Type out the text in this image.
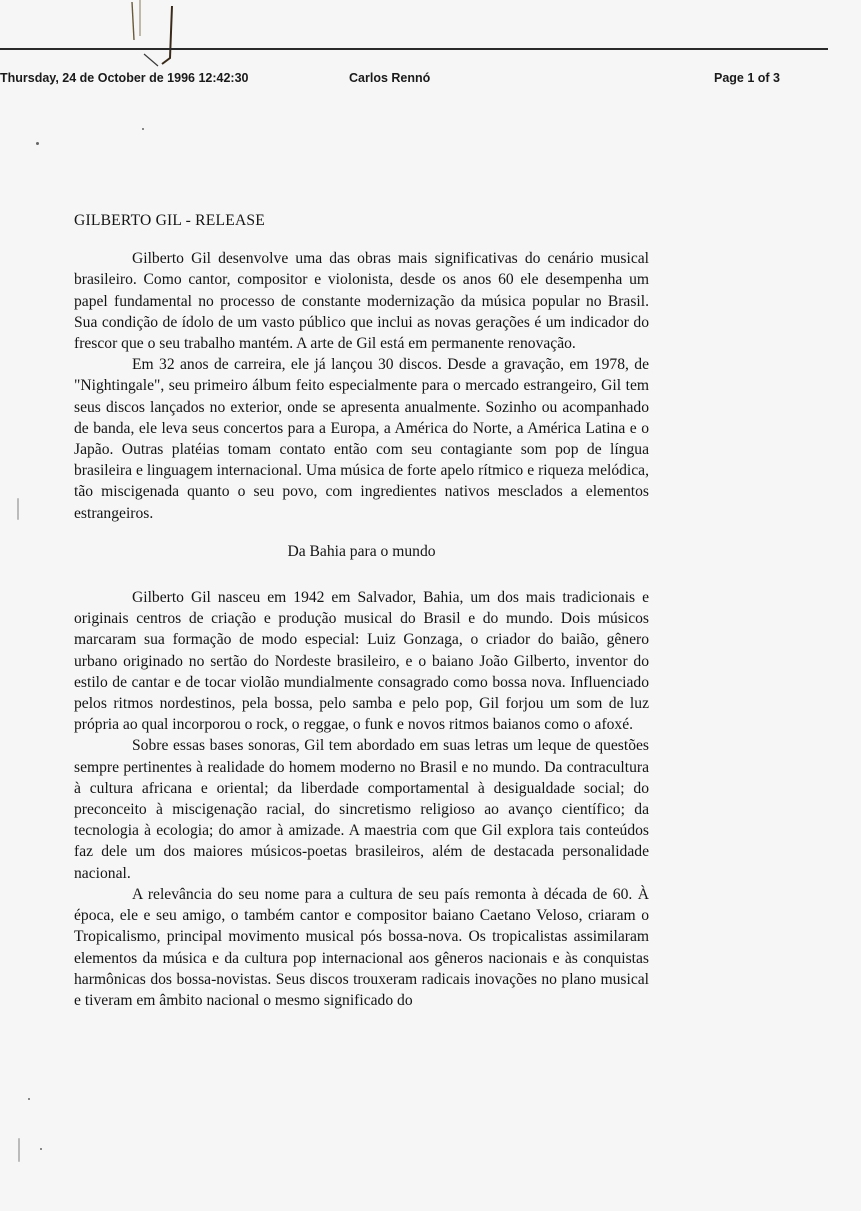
Thursday, 24 de October de 1996 12:42:30	Carlos Rennó	Page 1 of 3
GILBERTO GIL - RELEASE

Gilberto Gil desenvolve uma das obras mais significativas do cenário musical brasileiro. Como cantor, compositor e violonista, desde os anos 60 ele desempenha um papel fundamental no processo de constante modernização da música popular no Brasil. Sua condição de ídolo de um vasto público que inclui as novas gerações é um indicador do frescor que o seu trabalho mantém. A arte de Gil está em permanente renovação.

Em 32 anos de carreira, ele já lançou 30 discos. Desde a gravação, em 1978, de "Nightingale", seu primeiro álbum feito especialmente para o mercado estrangeiro, Gil tem seus discos lançados no exterior, onde se apresenta anualmente. Sozinho ou acompanhado de banda, ele leva seus concertos para a Europa, a América do Norte, a América Latina e o Japão. Outras platéias tomam contato então com seu contagiante som pop de língua brasileira e linguagem internacional. Uma música de forte apelo rítmico e riqueza melódica, tão miscigenada quanto o seu povo, com ingredientes nativos mesclados a elementos estrangeiros.

Da Bahia para o mundo

Gilberto Gil nasceu em 1942 em Salvador, Bahia, um dos mais tradicionais e originais centros de criação e produção musical do Brasil e do mundo. Dois músicos marcaram sua formação de modo especial: Luiz Gonzaga, o criador do baião, gênero urbano originado no sertão do Nordeste brasileiro, e o baiano João Gilberto, inventor do estilo de cantar e de tocar violão mundialmente consagrado como bossa nova. Influenciado pelos ritmos nordestinos, pela bossa, pelo samba e pelo pop, Gil forjou um som de luz própria ao qual incorporou o rock, o reggae, o funk e novos ritmos baianos como o afoxé.

Sobre essas bases sonoras, Gil tem abordado em suas letras um leque de questões sempre pertinentes à realidade do homem moderno no Brasil e no mundo. Da contracultura à cultura africana e oriental; da liberdade comportamental à desigualdade social; do preconceito à miscigenação racial, do sincretismo religioso ao avanço científico; da tecnologia à ecologia; do amor à amizade. A maestria com que Gil explora tais conteúdos faz dele um dos maiores músicos-poetas brasileiros, além de destacada personalidade nacional.

A relevância do seu nome para a cultura de seu país remonta à década de 60. À época, ele e seu amigo, o também cantor e compositor baiano Caetano Veloso, criaram o Tropicalismo, principal movimento musical pós bossa-nova. Os tropicalistas assimilaram elementos da música e da cultura pop internacional aos gêneros nacionais e às conquistas harmônicas dos bossa-novistas. Seus discos trouxeram radicais inovações no plano musical e tiveram em âmbito nacional o mesmo significado do
